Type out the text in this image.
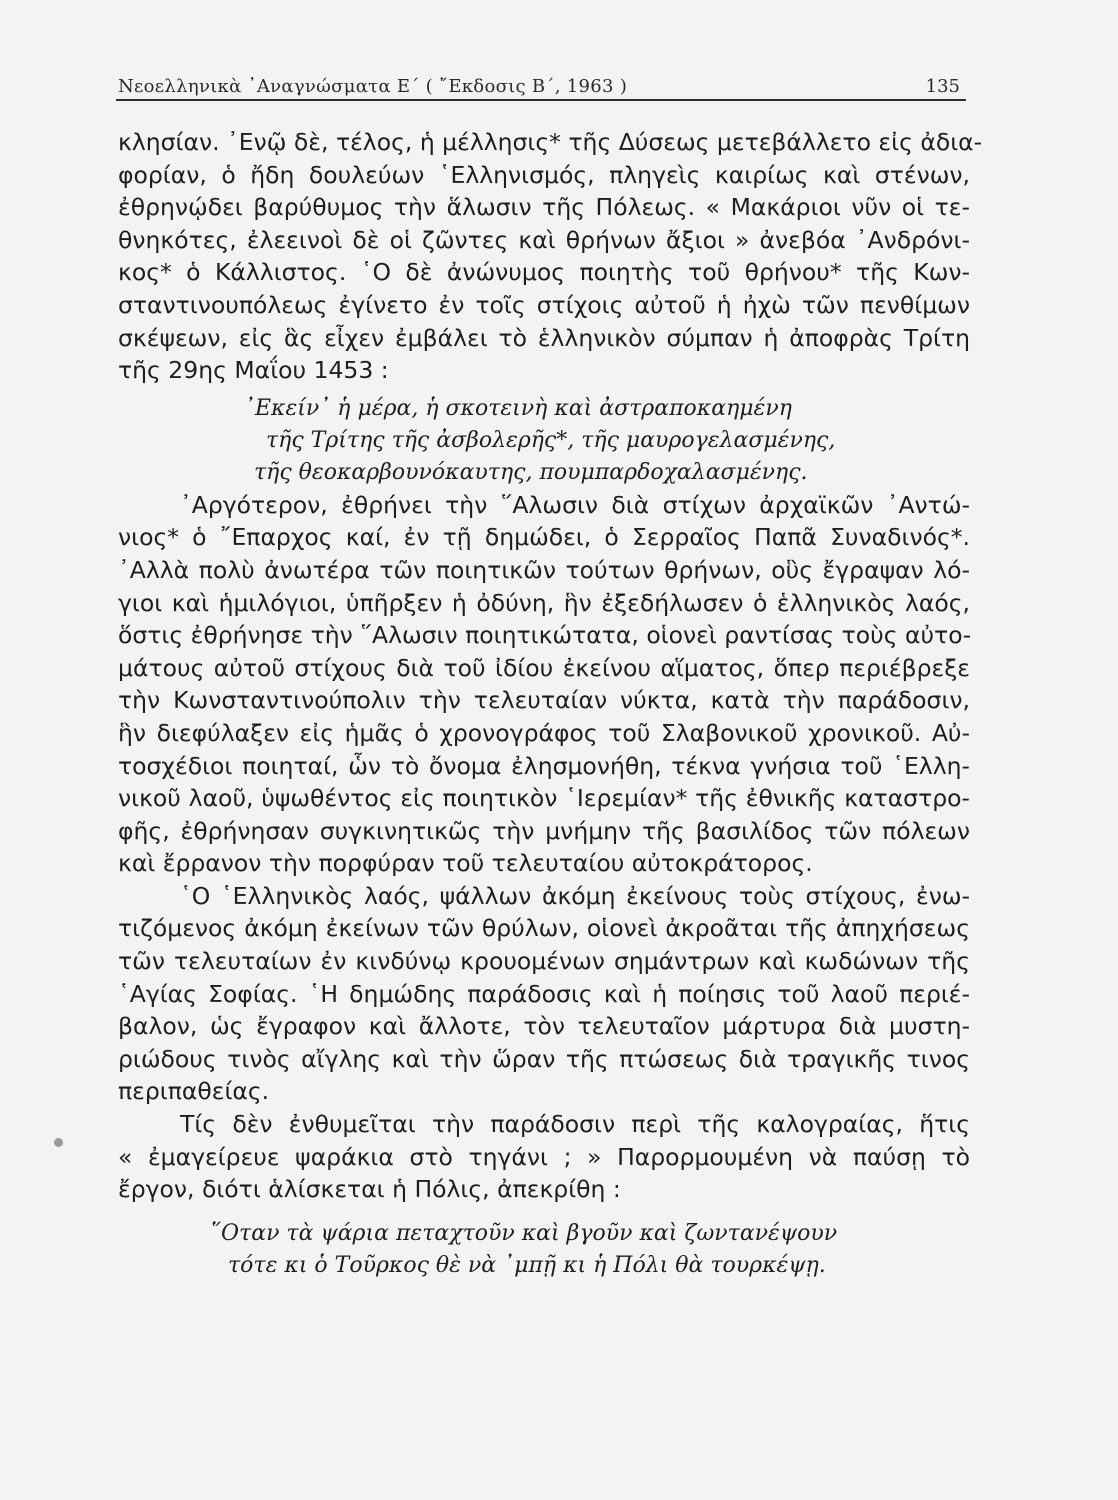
Νεοελληνικὰ ᾿Αναγνώσματα Ε΄ ( ῎Εκδοσις Β΄, 1963 )	135
κλησίαν. ᾿Ενῷ δὲ, τέλος, ἡ μέλλησις* τῆς Δύσεως μετεβάλλετο εἰς ἀδια-
φορίαν, ὁ ἤδη δουλεύων ῾Ελληνισμός, πληγεὶς καιρίως καὶ στένων,
ἐθρηνῴδει βαρύθυμος τὴν ἅλωσιν τῆς Πόλεως. « Μακάριοι νῦν οἱ τε-
θνηκότες, ἐλεεινοὶ δὲ οἱ ζῶντες καὶ θρήνων ἄξιοι » ἀνεβόα ᾿Ανδρόνι-
κος* ὁ Κάλλιστος. ῾Ο δὲ ἀνώνυμος ποιητὴς τοῦ θρήνου* τῆς Κων-
σταντινουπόλεως ἐγίνετο ἐν τοῖς στίχοις αὐτοῦ ἡ ἠχὼ τῶν πενθίμων
σκέψεων, εἰς ἃς εἶχεν ἐμβάλει τὸ ἑλληνικὸν σύμπαν ἡ ἀποφρὰς Τρίτη
τῆς 29ης Μαΐου 1453 :
᾿Εκείν᾿ ἡ μέρα, ἡ σκοτεινὴ καὶ ἀστραποκαημένη
τῆς Τρίτης τῆς ἀσβολερῆς*, τῆς μαυρογελασμένης,
τῆς θεοκαρβουνόκαυτης, πουμπαρδοχαλασμένης.
᾿Αργότερον, ἐθρήνει τὴν ῞Αλωσιν διὰ στίχων ἀρχαϊκῶν ᾿Αντώ-
νιος* ὁ ῎Επαρχος καί, ἐν τῇ δημώδει, ὁ Σερραῖος Παπᾶ Συναδινός*.
᾿Αλλὰ πολὺ ἀνωτέρα τῶν ποιητικῶν τούτων θρήνων, οὓς ἔγραψαν λό-
γιοι καὶ ἡμιλόγιοι, ὑπῆρξεν ἡ ὀδύνη, ἣν ἐξεδήλωσεν ὁ ἑλληνικὸς λαός,
ὅστις ἐθρήνησε τὴν ῞Αλωσιν ποιητικώτατα, οἱονεὶ ραντίσας τοὺς αὐτο-
μάτους αὐτοῦ στίχους διὰ τοῦ ἰδίου ἐκείνου αἵματος, ὅπερ περιέβρεξε
τὴν Κωνσταντινούπολιν τὴν τελευταίαν νύκτα, κατὰ τὴν παράδοσιν,
ἣν διεφύλαξεν εἰς ἡμᾶς ὁ χρονογράφος τοῦ Σλαβονικοῦ χρονικοῦ. Αὐ-
τοσχέδιοι ποιηταί, ὧν τὸ ὄνομα ἐλησμονήθη, τέκνα γνήσια τοῦ ῾Ελλη-
νικοῦ λαοῦ, ὑψωθέντος εἰς ποιητικὸν ῾Ιερεμίαν* τῆς ἐθνικῆς καταστρο-
φῆς, ἐθρήνησαν συγκινητικῶς τὴν μνήμην τῆς βασιλίδος τῶν πόλεων
καὶ ἔρρανον τὴν πορφύραν τοῦ τελευταίου αὐτοκράτορος.
῾Ο ῾Ελληνικὸς λαός, ψάλλων ἀκόμη ἐκείνους τοὺς στίχους, ἐνω-
τιζόμενος ἀκόμη ἐκείνων τῶν θρύλων, οἱονεὶ ἀκροᾶται τῆς ἀπηχήσεως
τῶν τελευταίων ἐν κινδύνῳ κρουομένων σημάντρων καὶ κωδώνων τῆς
῾Αγίας Σοφίας. ῾Η δημώδης παράδοσις καὶ ἡ ποίησις τοῦ λαοῦ περιέ-
βαλον, ὡς ἔγραφον καὶ ἄλλοτε, τὸν τελευταῖον μάρτυρα διὰ μυστη-
ριώδους τινὸς αἴγλης καὶ τὴν ὥραν τῆς πτώσεως διὰ τραγικῆς τινος
περιπαθείας.
Τίς δὲν ἐνθυμεῖται τὴν παράδοσιν περὶ τῆς καλογραίας, ἥτις
« ἐμαγείρευε ψαράκια στὸ τηγάνι ; » Παρορμουμένη νὰ παύσῃ τὸ
ἔργον, διότι ἁλίσκεται ἡ Πόλις, ἀπεκρίθη :
῞Οταν τὰ ψάρια πεταχτοῦν καὶ βγοῦν καὶ ζωντανέψουν
τότε κι ὁ Τοῦρκος θὲ νὰ ᾿μπῇ κι ἡ Πόλι θὰ τουρκέψῃ.
